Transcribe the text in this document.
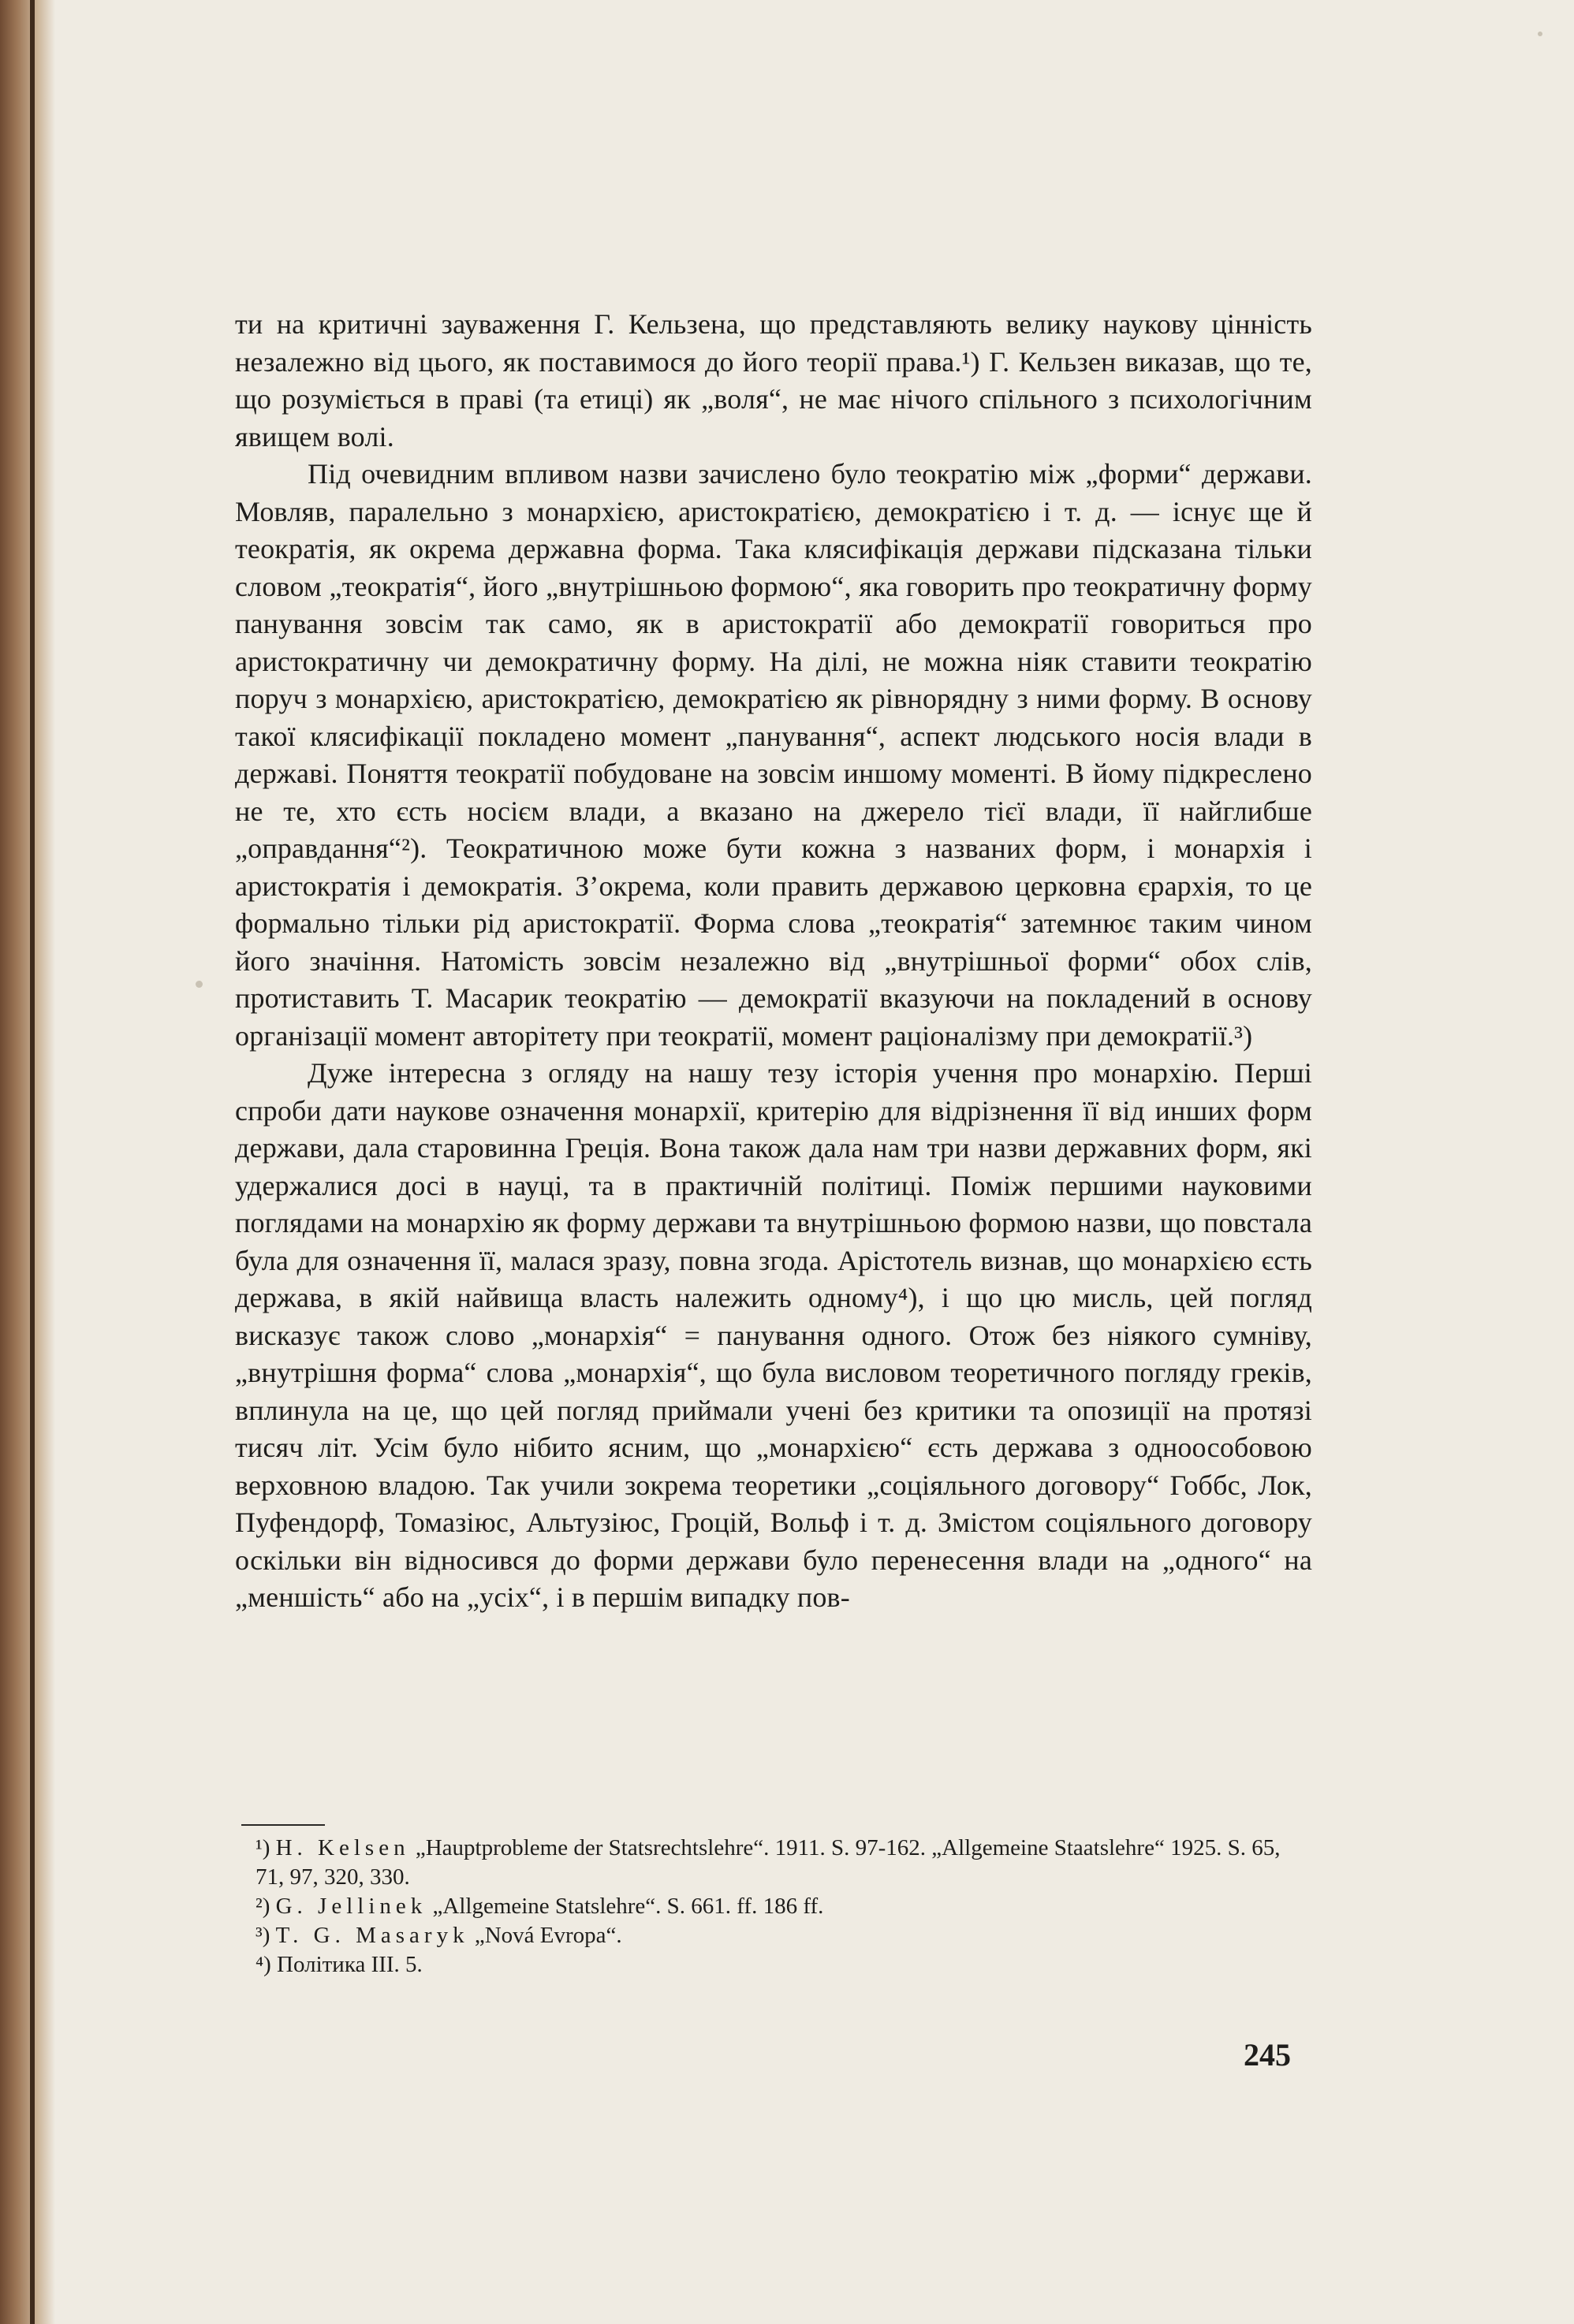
ти на критичні зауваження Г. Кельзена, що представляють велику наукову цінність незалежно від цього, як поставимося до його теорії права.¹) Г. Кельзен виказав, що те, що розуміється в праві (та етиці) як „воля“, не має нічого спільного з психологічним явищем волі.

Під очевидним впливом назви зачислено було теократію між „форми“ держави. Мовляв, паралельно з монархією, аристократією, демократією і т. д. — існує ще й теократія, як окрема державна форма. Така клясифікація держави підсказана тільки словом „теократія“, його „внутрішньою формою“, яка говорить про теократичну форму панування зовсім так само, як в аристократії або демократії говориться про аристократичну чи демократичну форму. На ділі, не можна ніяк ставити теократію поруч з монархією, аристократією, демократією як рівнорядну з ними форму. В основу такої клясифікації покладено момент „панування“, аспект людського носія влади в державі. Поняття теократії побудоване на зовсім иншому моменті. В йому підкреслено не те, хто єсть носієм влади, а вказано на джерело тієї влади, її найглибше „оправдання“²). Теократичною може бути кожна з названих форм, і монархія і аристократія і демократія. З’окрема, коли править державою церковна єрархія, то це формально тільки рід аристократії. Форма слова „теократія“ затемнює таким чином його значіння. Натомість зовсім незалежно від „внутрішньої форми“ обох слів, протиставить Т. Масарик теократію — демократії вказуючи на покладений в основу організації момент авторітету при теократії, момент раціоналізму при демократії.³)

Дуже інтересна з огляду на нашу тезу історія учення про монархію. Перші спроби дати наукове означення монархії, критерію для відрізнення її від инших форм держави, дала старовинна Греція. Вона також дала нам три назви державних форм, які удержалися досі в науці, та в практичній політиці. Поміж першими науковими поглядами на монархію як форму держави та внутрішньою формою назви, що повстала була для означення її, малася зразу, повна згода. Арістотель визнав, що монархією єсть держава, в якій найвища власть належить одному⁴), і що цю мисль, цей погляд висказує також слово „монархія“ = панування одного. Отож без ніякого сумніву, „внутрішня форма“ слова „монархія“, що була висловом теоретичного погляду греків, вплинула на це, що цей погляд приймали учені без критики та опозиції на протязі тисяч літ. Усім було нібито ясним, що „монархією“ єсть держава з одноособовою верховною владою. Так учили зокрема теоретики „соціяльного договору“ Гоббс, Лок, Пуфендорф, Томазіюс, Альтузіюс, Гроцій, Вольф і т. д. Змістом соціяльного договору оскільки він відносився до форми держави було перенесення влади на „одного“ на „меншість“ або на „усіх“, і в першім випадку пов-

¹) H. Kelsen „Hauptprobleme der Statsrechtslehre“. 1911. S. 97-162. „Allgemeine Staatslehre“ 1925. S. 65, 71, 97, 320, 330.

²) G. Jellinek „Allgemeine Statslehre“. S. 661. ff. 186 ff.

³) T. G. Masaryk „Nová Evropa“.

⁴) Політика III. 5.

245
